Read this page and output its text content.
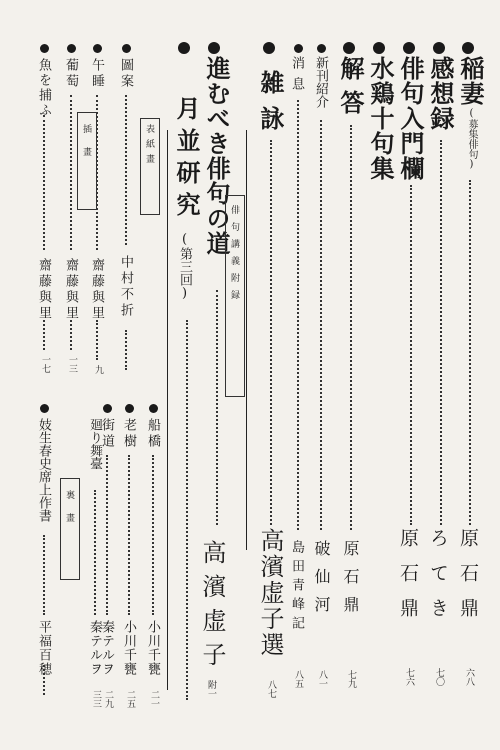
稲妻
(募集俳句)
原石鼎
六八
感想録
ろてき
七〇
俳句入門欄
原石鼎
七六
水鶏十句集
解答
原石鼎
七九
新刊紹介
破仙河
八一
消息
島田青峰記
八五
雑詠
高濱虚子選
八七
進むべき俳句の道
俳句講義附録
高濱虚子
附一
月並研究
(第三回)
圖案
表紙畫
中村不折
午睡
齋藤與里
九
葡萄
齋藤與里
一三
魚を捕ふ
齋藤與里
一七
船橋
小川千甕
二一
老樹
小川千甕
二五
街道
秦テルヲ
二九
廻り舞臺
秦テルヲ
三三
妓生春史席上作書 裏畫
平福百穂
插畫
